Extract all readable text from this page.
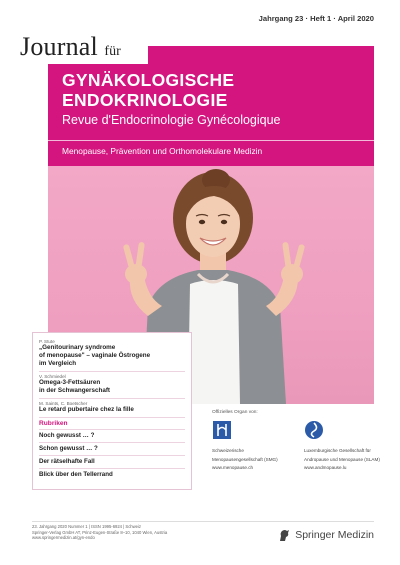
Jahrgang 23 · Heft 1 · April 2020
Journal für
GYNÄKOLOGISCHE
ENDOKRINOLOGIE
Revue d'Endocrinologie Gynécologique
Menopause, Prävention und Orthomolekulare Medizin
P. Stute
„Genitourinary syndrome
of menopause" – vaginale Östrogene
im Vergleich
V. Schmiedel
Omega-3-Fettsäuren
in der Schwangerschaft
M. Saints, C. Boetscher
Le retard pubertaire chez la fille
Rubriken
Noch gewusst … ?
Schon gewusst … ?
Der rätselhafte Fall
Blick über den Tellerrand
Offizielles Organ von:
Schweizerische
Menopausengesellschaft (SMG)
www.menopause.ch
Luxemburgische Gesellschaft für
Andropause und Menopause (SLAM)
www.andmopause.lu
23. Jahrgang 2020 Nummer 1 | ISSN 1995-6924 | Schweiz
Springer-Verlag GmbH AT, Prinz-Eugen-Straße 8–10, 1040 Wien, Austria
www.springermedizin.at/gyn-endo	Springer Medizin
